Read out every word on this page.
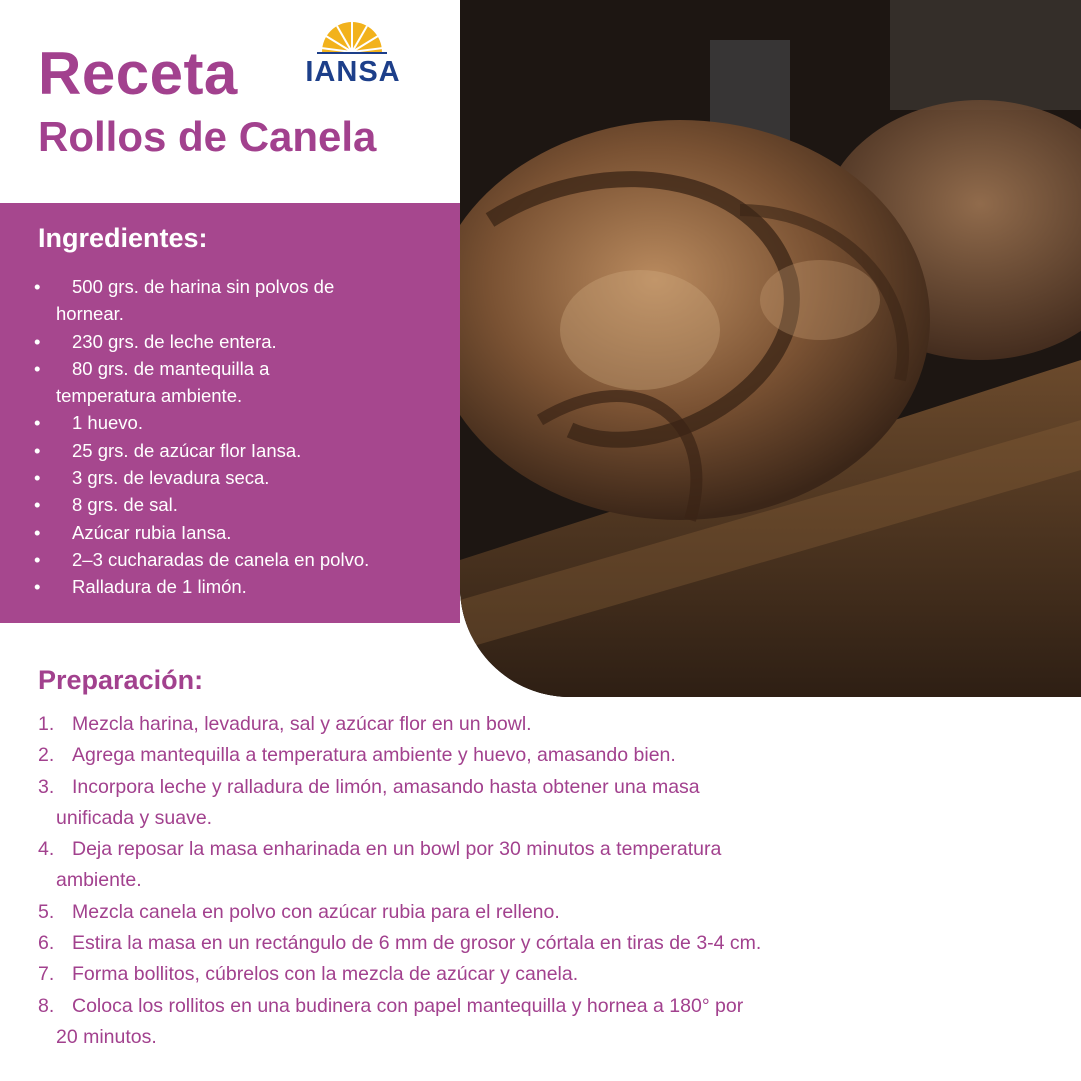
Receta
Rollos de Canela
IANSA
Ingredientes:
• 500 grs. de harina sin polvos de
hornear.
• 230 grs. de leche entera.
• 80 grs. de mantequilla a
temperatura ambiente.
• 1 huevo.
• 25 grs. de azúcar flor Iansa.
• 3 grs. de levadura seca.
• 8 grs. de sal.
• Azúcar rubia Iansa.
• 2–3 cucharadas de canela en polvo.
• Ralladura de 1 limón.
Preparación:
1. Mezcla harina, levadura, sal y azúcar flor en un bowl.
2. Agrega mantequilla a temperatura ambiente y huevo, amasando bien.
3. Incorpora leche y ralladura de limón, amasando hasta obtener una masa
unificada y suave.
4. Deja reposar la masa enharinada en un bowl por 30 minutos a temperatura
ambiente.
5. Mezcla canela en polvo con azúcar rubia para el relleno.
6. Estira la masa en un rectángulo de 6 mm de grosor y córtala en tiras de 3-4 cm.
7. Forma bollitos, cúbrelos con la mezcla de azúcar y canela.
8. Coloca los rollitos en una budinera con papel mantequilla y hornea a 180° por
20 minutos.
